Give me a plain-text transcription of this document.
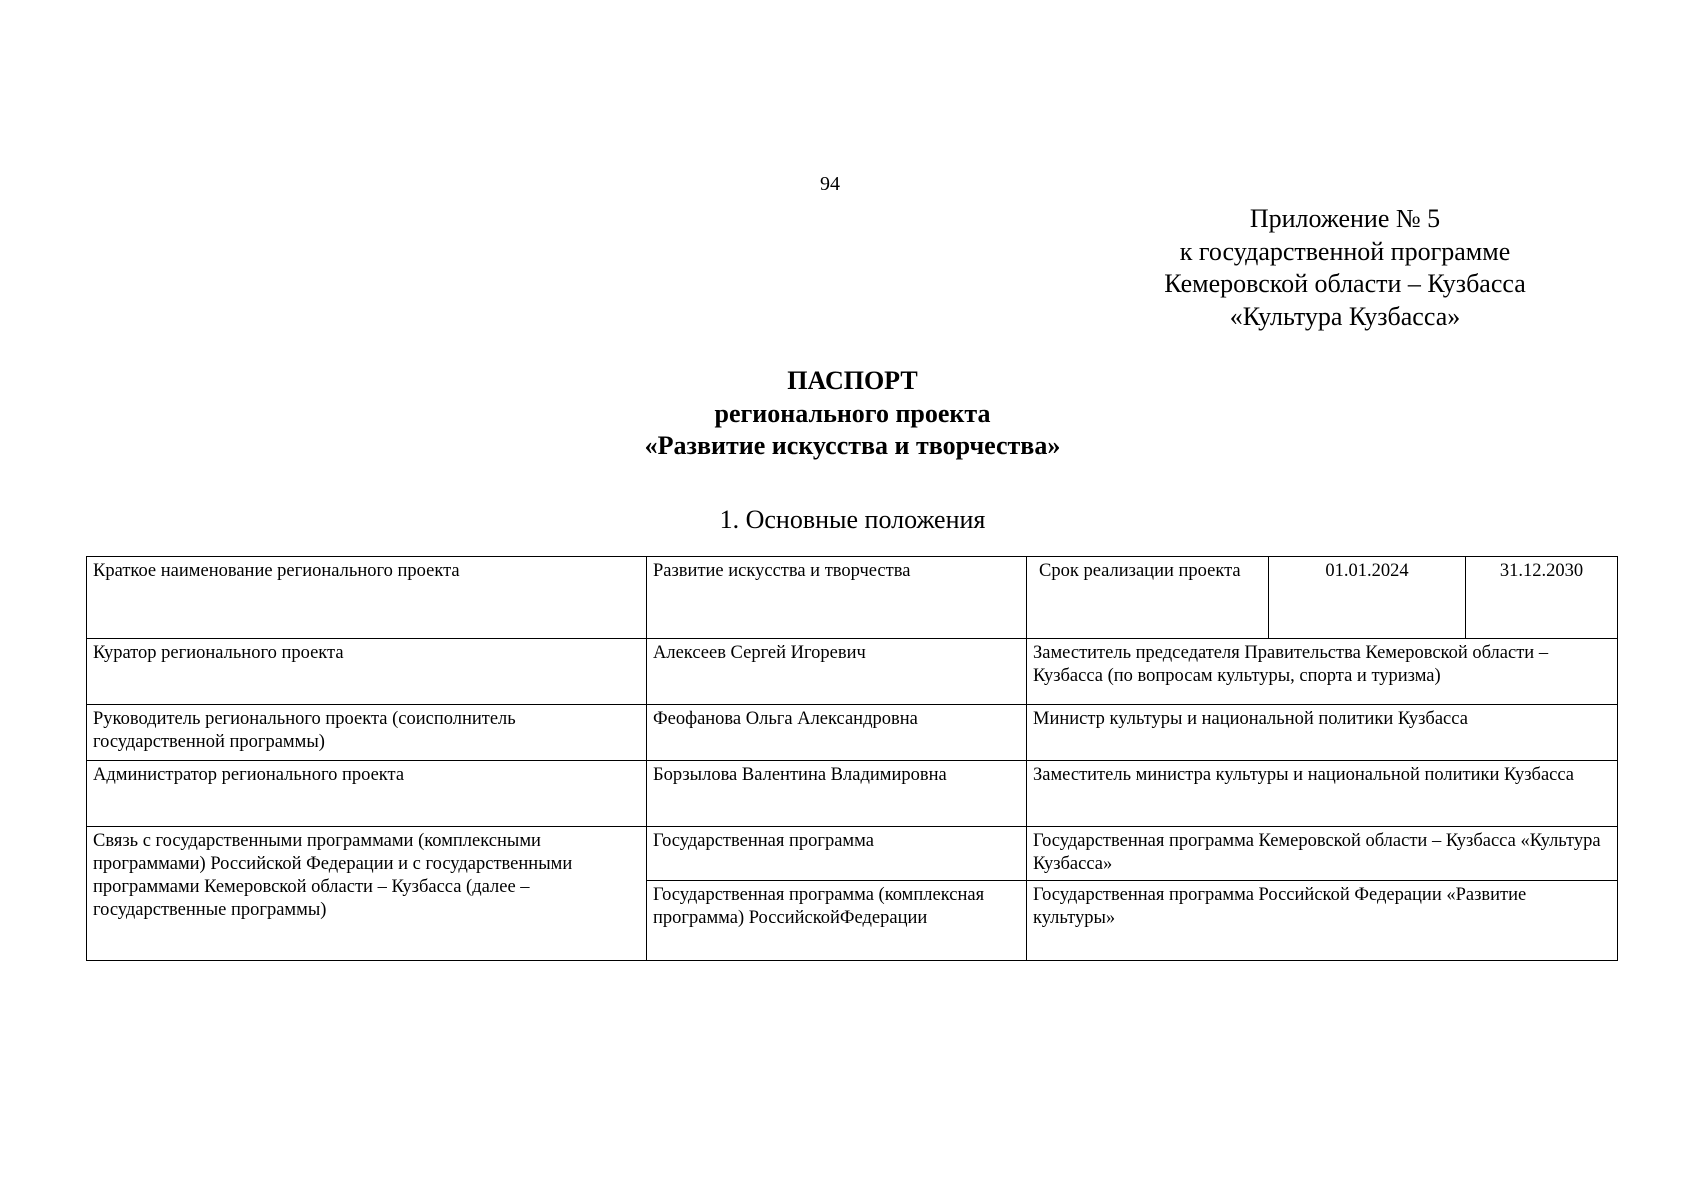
94
Приложение № 5
к государственной программе
Кемеровской области – Кузбасса
«Культура Кузбасса»
ПАСПОРТ
регионального проекта
«Развитие искусства и творчества»
1. Основные положения
Краткое наименование регионального проекта	Развитие искусства и творчества	Срок реализации проекта	01.01.2024	31.12.2030
Куратор регионального проекта	Алексеев Сергей Игоревич	Заместитель председателя Правительства Кемеровской области – Кузбасса (по вопросам культуры, спорта и туризма)		
Руководитель регионального проекта (соисполнитель государственной программы)	Феофанова Ольга Александровна	Министр культуры и национальной политики Кузбасса		
Администратор регионального проекта	Борзылова Валентина Владимировна	Заместитель министра культуры и национальной политики Кузбасса		
Связь с государственными программами (комплексными программами) Российской Федерации и с государственными программами Кемеровской области – Кузбасса (далее – государственные программы)	Государственная программа	Государственная программа Кемеровской области – Кузбасса «Культура Кузбасса»		
	Государственная программа (комплексная программа) РоссийскойФедерации	Государственная программа Российской Федерации «Развитие культуры»		
